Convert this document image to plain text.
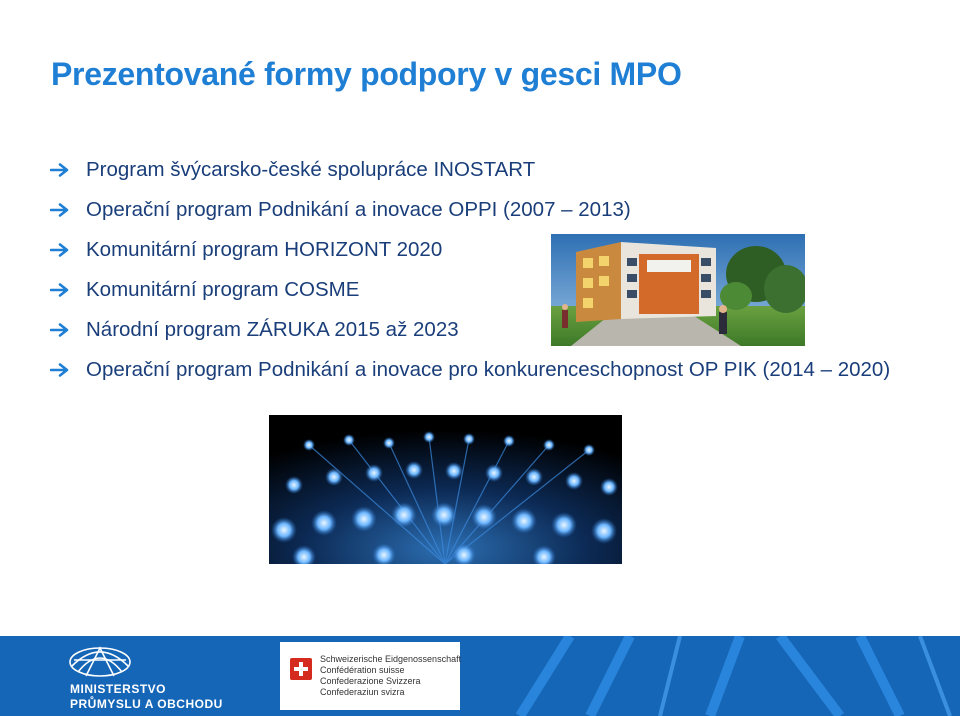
Prezentované formy podpory v gesci MPO
Program švýcarsko-české spolupráce INOSTART
Operační program Podnikání a inovace OPPI (2007 – 2013)
Komunitární program HORIZONT 2020
Komunitární program COSME
Národní program ZÁRUKA 2015 až 2023
Operační program Podnikání a inovace pro konkurenceschopnost OP PIK (2014 – 2020)
Schweizerische Eidgenossenschaft
Confédération suisse
Confederazione Svizzera
Confederaziun svizra
MINISTERSTVO
PRŮMYSLU A OBCHODU
